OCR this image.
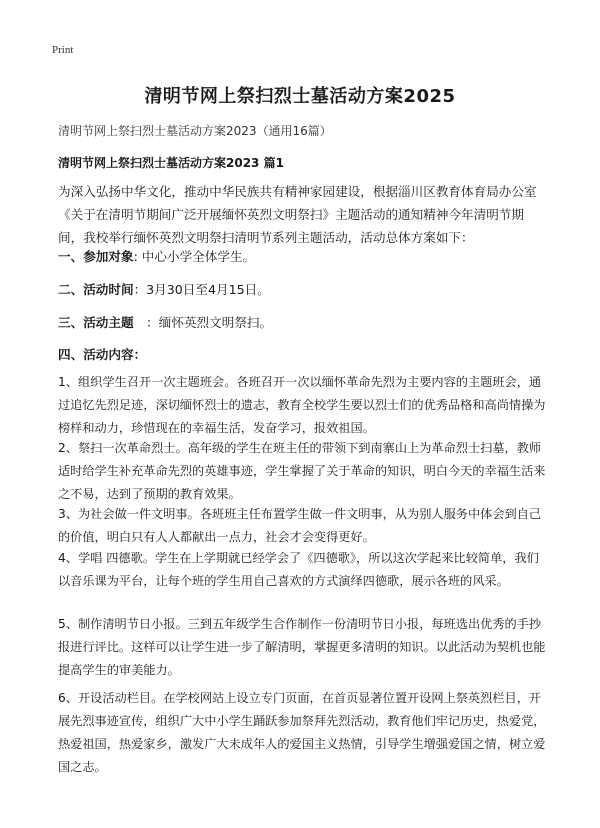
Print
清明节网上祭扫烈士墓活动方案2025
清明节网上祭扫烈士墓活动方案2023（通用16篇）
清明节网上祭扫烈士墓活动方案2023 篇1
为深入弘扬中华文化，推动中华民族共有精神家园建设，根据淄川区教育体育局办公室《关于在清明节期间广泛开展缅怀英烈文明祭扫》主题活动的通知精神今年清明节期间，我校举行缅怀英烈文明祭扫清明节系列主题活动，活动总体方案如下：
一、参加对象: 中心小学全体学生。
二、活动时间：3月30日至4月15日。
三、活动主题　：缅怀英烈文明祭扫。
四、活动内容：
1、组织学生召开一次主题班会。各班召开一次以缅怀革命先烈为主要内容的主题班会，通过追忆先烈足迹，深切缅怀烈士的遗志，教育全校学生要以烈士们的优秀品格和高尚情操为榜样和动力，珍惜现在的幸福生活，发奋学习，报效祖国。
2、祭扫一次革命烈士。高年级的学生在班主任的带领下到南寨山上为革命烈士扫墓，教师适时给学生补充革命先烈的英雄事迹，学生掌握了关于革命的知识，明白今天的幸福生活来之不易，达到了预期的教育效果。
3、为社会做一件文明事。各班班主任布置学生做一件文明事，从为别人服务中体会到自己的价值，明白只有人人都献出一点力，社会才会变得更好。
4、学唱 四德歌。学生在上学期就已经学会了《四德歌》，所以这次学起来比较简单，我们以音乐课为平台，让每个班的学生用自己喜欢的方式演绎四德歌，展示各班的风采。
5、制作清明节日小报。三到五年级学生合作制作一份清明节日小报，每班选出优秀的手抄报进行评比。这样可以让学生进一步了解清明，掌握更多清明的知识。以此活动为契机也能提高学生的审美能力。
6、开设活动栏目。在学校网站上设立专门页面，在首页显著位置开设网上祭英烈栏目，开展先烈事迹宣传，组织广大中小学生踊跃参加祭拜先烈活动，教育他们牢记历史，热爱党，热爱祖国，热爱家乡，激发广大未成年人的爱国主义热情，引导学生增强爱国之情，树立爱国之志。
